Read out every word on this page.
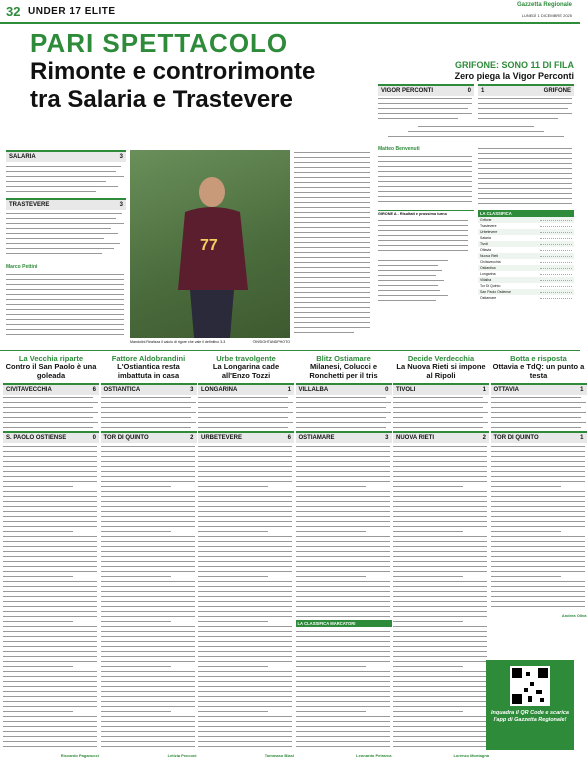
32 UNDER 17 ELITE
Gazzetta Regionale
LUNEDÌ 1 DICEMBRE 2025
PARI SPETTACOLO
Rimonte e controrimonte
tra Salaria e Trastevere
SALARIA	3
TRASTEVERE	3
Marco Pettini
77
Mandolini Realizza il calcio di rigore che vale il definitivo 3-3	©INSIGHTANDPHOTO
GRIFONE: SONO 11 DI FILA
Zero piega la Vigor Perconti
VIGOR PERCONTI	0 1	GRIFONE
Matteo Benvenuti
GIRONE A - Risultati e prossimo turno	LA CLASSIFICA
Grifone
Trastevere
Urbetevere
Salaria
Tivoli
Ottavia
Nuova Rieti
Civitavecchia
Ostiantica
Longarina
Villalba
Tor Di Quinto
San Paolo Ostiense
Ostiamare
La Vecchia riparte
Contro il San Paolo è una goleada
CIVITAVECCHIA	6
S. PAOLO OSTIENSE	0
Riccardo Paganucci
Fattore Aldobrandini
L'Ostiantica resta imbattuta in casa
OSTIANTICA	3
TOR DI QUINTO	2
Letizia Pecconi
Urbe travolgente
La Longarina cade all'Enzo Tozzi
LONGARINA	1
URBETEVERE	6
Tommaso Blasi
Blitz Ostiamare
Milanesi, Colucci e Ronchetti per il tris
VILLALBA	0
OSTIAMARE	3
Leonardo Petrarca
Decide Verdecchia
La Nuova Rieti si impone al Ripoli
TIVOLI	1
NUOVA RIETI	2
Lorenzo Montagna
Botta e risposta
Ottavia e TdQ: un punto a testa
OTTAVIA	1
TOR DI QUINTO	1
Andrea Oliva
LA CLASSIFICA MARCATORI
Inquadra il QR Code e scarica l'app di Gazzetta Regionale!
